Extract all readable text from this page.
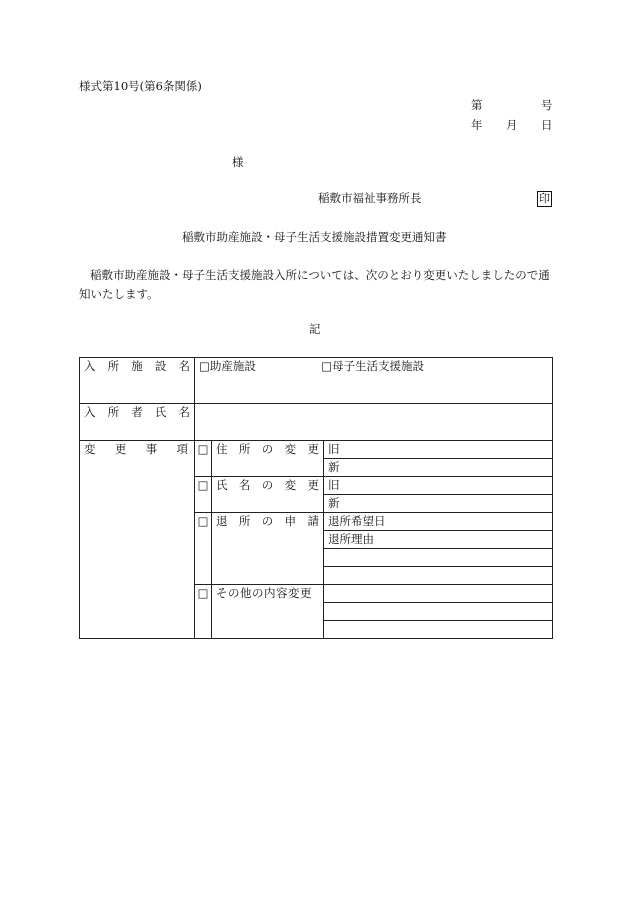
様式第10号(第6条関係)
第	号
年 月 日
様
稲敷市福祉事務所長	印
稲敷市助産施設・母子生活支援施設措置変更通知書
稲敷市助産施設・母子生活支援施設入所については、次のとおり変更いたしましたので通知いたします。
記
入 所 施 設 名	□助産施設 □母子生活支援施設		

入 所 者 氏 名			

変 更 事 項	□	住 所 の 変 更	旧
			新
	□	氏 名 の 変 更	旧
			新
	□	退 所 の 申 請	退所希望日
			退所理由

	□	その他の内容変更	
